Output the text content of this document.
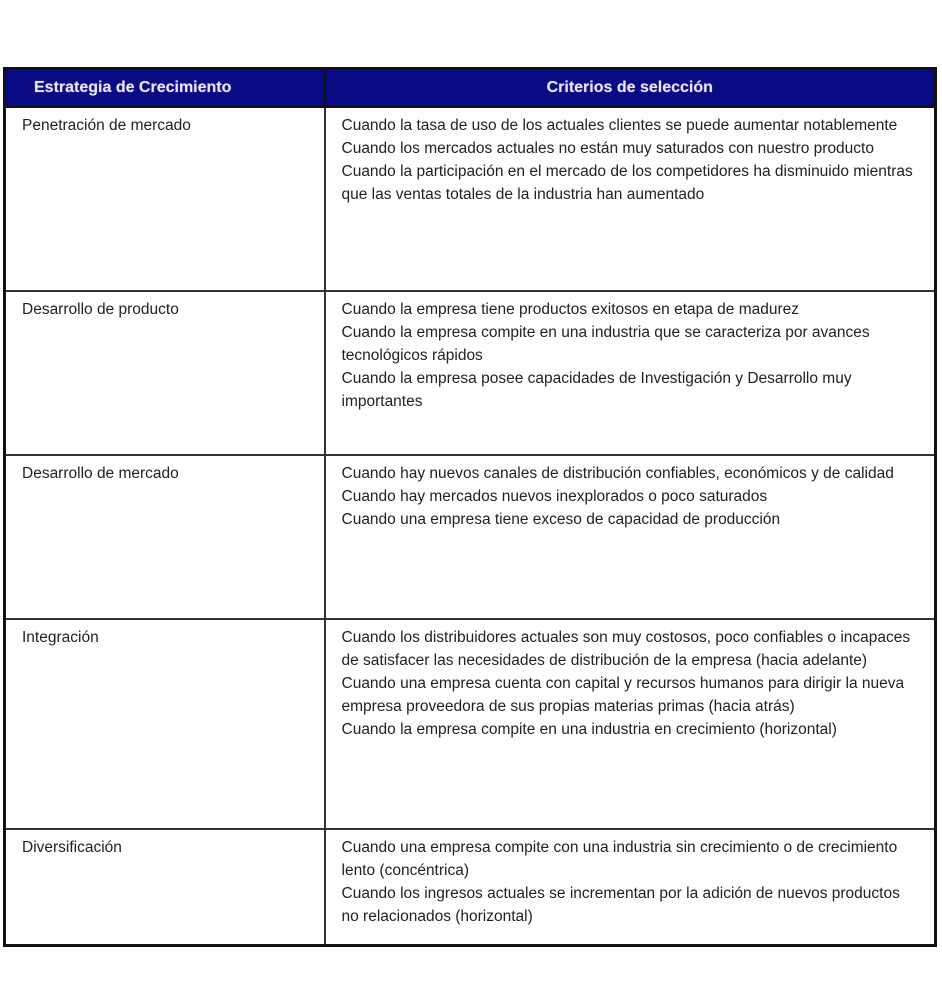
Estrategia de Crecimiento	Criterios de selección
Penetración de mercado	Cuando la tasa de uso de los actuales clientes se puede aumentar notablemente
Cuando los mercados actuales no están muy saturados con nuestro producto
Cuando la participación en el mercado de los competidores ha disminuido mientras que las ventas totales de la industria han aumentado

Desarrollo de producto	Cuando la empresa tiene productos exitosos en etapa de madurez
Cuando la empresa compite en una industria que se caracteriza por avances tecnológicos rápidos
Cuando la empresa posee capacidades de Investigación y Desarrollo muy importantes

Desarrollo de mercado	Cuando hay nuevos canales de distribución confiables, económicos y de calidad
Cuando hay mercados nuevos inexplorados o poco saturados
Cuando una empresa tiene exceso de capacidad de producción

Integración	Cuando los distribuidores actuales son muy costosos, poco confiables o incapaces de satisfacer las necesidades de distribución de la empresa (hacia adelante)
Cuando una empresa cuenta con capital y recursos humanos para dirigir la nueva empresa proveedora de sus propias materias primas (hacia atrás)
Cuando la empresa compite en una industria en crecimiento (horizontal)

Diversificación	Cuando una empresa compite con una industria sin crecimiento o de crecimiento lento (concéntrica)
Cuando los ingresos actuales se incrementan por la adición de nuevos productos no relacionados (horizontal)
